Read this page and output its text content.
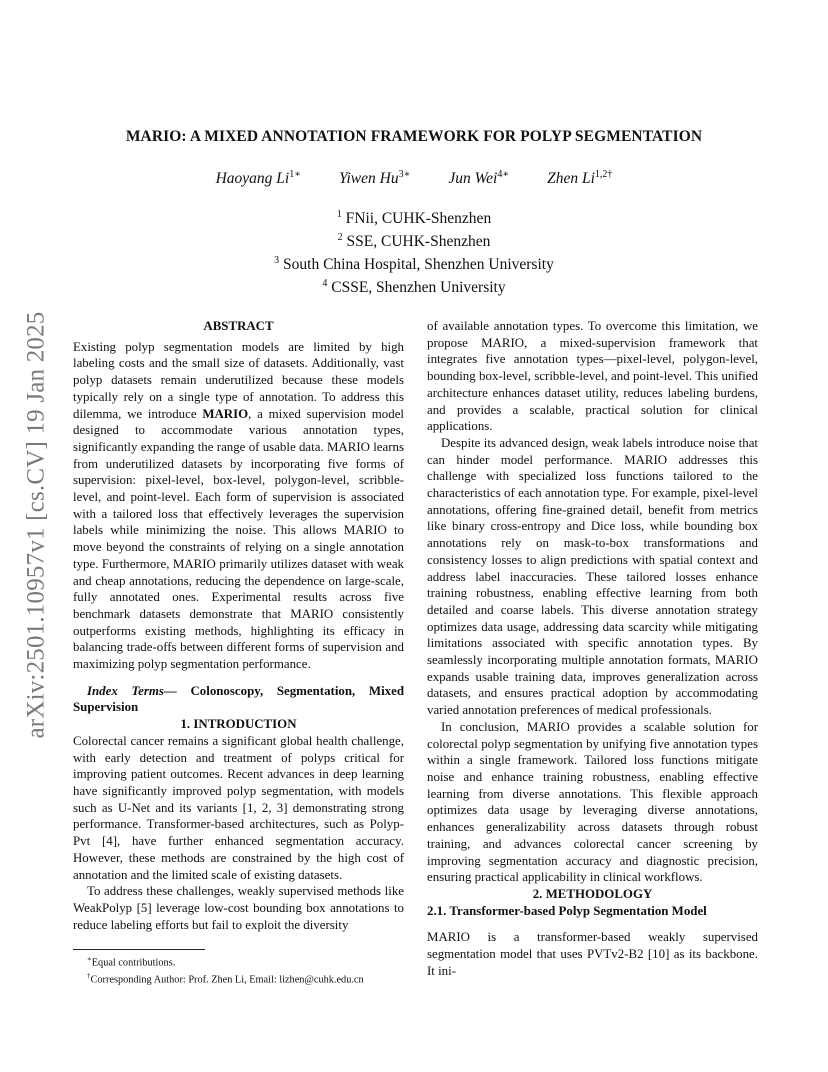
arXiv:2501.10957v1 [cs.CV] 19 Jan 2025
MARIO: A MIXED ANNOTATION FRAMEWORK FOR POLYP SEGMENTATION
Haoyang $Li^{1∗}$ Yiwen $Hu^{3∗}$ Jun Wei$^{4∗}$ Zhen $Li^{1,2\dagger}$
$^1$ FNii, CUHK-Shenzhen
$^2$ SSE, CUHK-Shenzhen
$^3$ South China Hospital, Shenzhen University
$^4$ CSSE, Shenzhen University

ABSTRACT

Existing polyp segmentation models are limited by high labeling costs and the small size of datasets. Additionally, vast polyp datasets remain underutilized because these models typically rely on a single type of annotation. To address this dilemma, we introduce MARIO, a mixed supervision model designed to accommodate various annotation types, significantly expanding the range of usable data. MARIO learns from underutilized datasets by incorporating five forms of supervision: pixel-level, box-level, polygon-level, scribble-level, and point-level. Each form of supervision is associated with a tailored loss that effectively leverages the supervision labels while minimizing the noise. This allows MARIO to move beyond the constraints of relying on a single annotation type. Furthermore, MARIO primarily utilizes dataset with weak and cheap annotations, reducing the dependence on large-scale, fully annotated ones. Experimental results across five benchmark datasets demonstrate that MARIO consistently outperforms existing methods, highlighting its efficacy in balancing trade-offs between different forms of supervision and maximizing polyp segmentation performance.

Index Terms— Colonoscopy, Segmentation, Mixed Supervision

1. INTRODUCTION

Colorectal cancer remains a significant global health challenge, with early detection and treatment of polyps critical for improving patient outcomes. Recent advances in deep learning have significantly improved polyp segmentation, with models such as U-Net and its variants [1, 2, 3] demonstrating strong performance. Transformer-based architectures, such as Polyp-Pvt [4], have further enhanced segmentation accuracy. However, these methods are constrained by the high cost of annotation and the limited scale of existing datasets.

To address these challenges, weakly supervised methods like WeakPolyp [5] leverage low-cost bounding box annotations to reduce labeling efforts but fail to exploit the diversity

of available annotation types. To overcome this limitation, we propose MARIO, a mixed-supervision framework that integrates five annotation types—pixel-level, polygon-level, bounding box-level, scribble-level, and point-level. This unified architecture enhances dataset utility, reduces labeling burdens, and provides a scalable, practical solution for clinical applications.

Despite its advanced design, weak labels introduce noise that can hinder model performance. MARIO addresses this challenge with specialized loss functions tailored to the characteristics of each annotation type. For example, pixel-level annotations, offering fine-grained detail, benefit from metrics like binary cross-entropy and Dice loss, while bounding box annotations rely on mask-to-box transformations and consistency losses to align predictions with spatial context and address label inaccuracies. These tailored losses enhance training robustness, enabling effective learning from both detailed and coarse labels. This diverse annotation strategy optimizes data usage, addressing data scarcity while mitigating limitations associated with specific annotation types. By seamlessly incorporating multiple annotation formats, MARIO expands usable training data, improves generalization across datasets, and ensures practical adoption by accommodating varied annotation preferences of medical professionals.

In conclusion, MARIO provides a scalable solution for colorectal polyp segmentation by unifying five annotation types within a single framework. Tailored loss functions mitigate noise and enhance training robustness, enabling effective learning from diverse annotations. This flexible approach optimizes data usage by leveraging diverse annotations, enhances generalizability across datasets through robust training, and advances colorectal cancer screening by improving segmentation accuracy and diagnostic precision, ensuring practical applicability in clinical workflows.

2. METHODOLOGY

2.1. Transformer-based Polyp Segmentation Model

MARIO is a transformer-based weakly supervised segmentation model that uses PVTv2-B2 [10] as its backbone. It ini-

∗Equal contributions.
†Corresponding Author: Prof. Zhen Li, Email: lizhen@cuhk.edu.cn
